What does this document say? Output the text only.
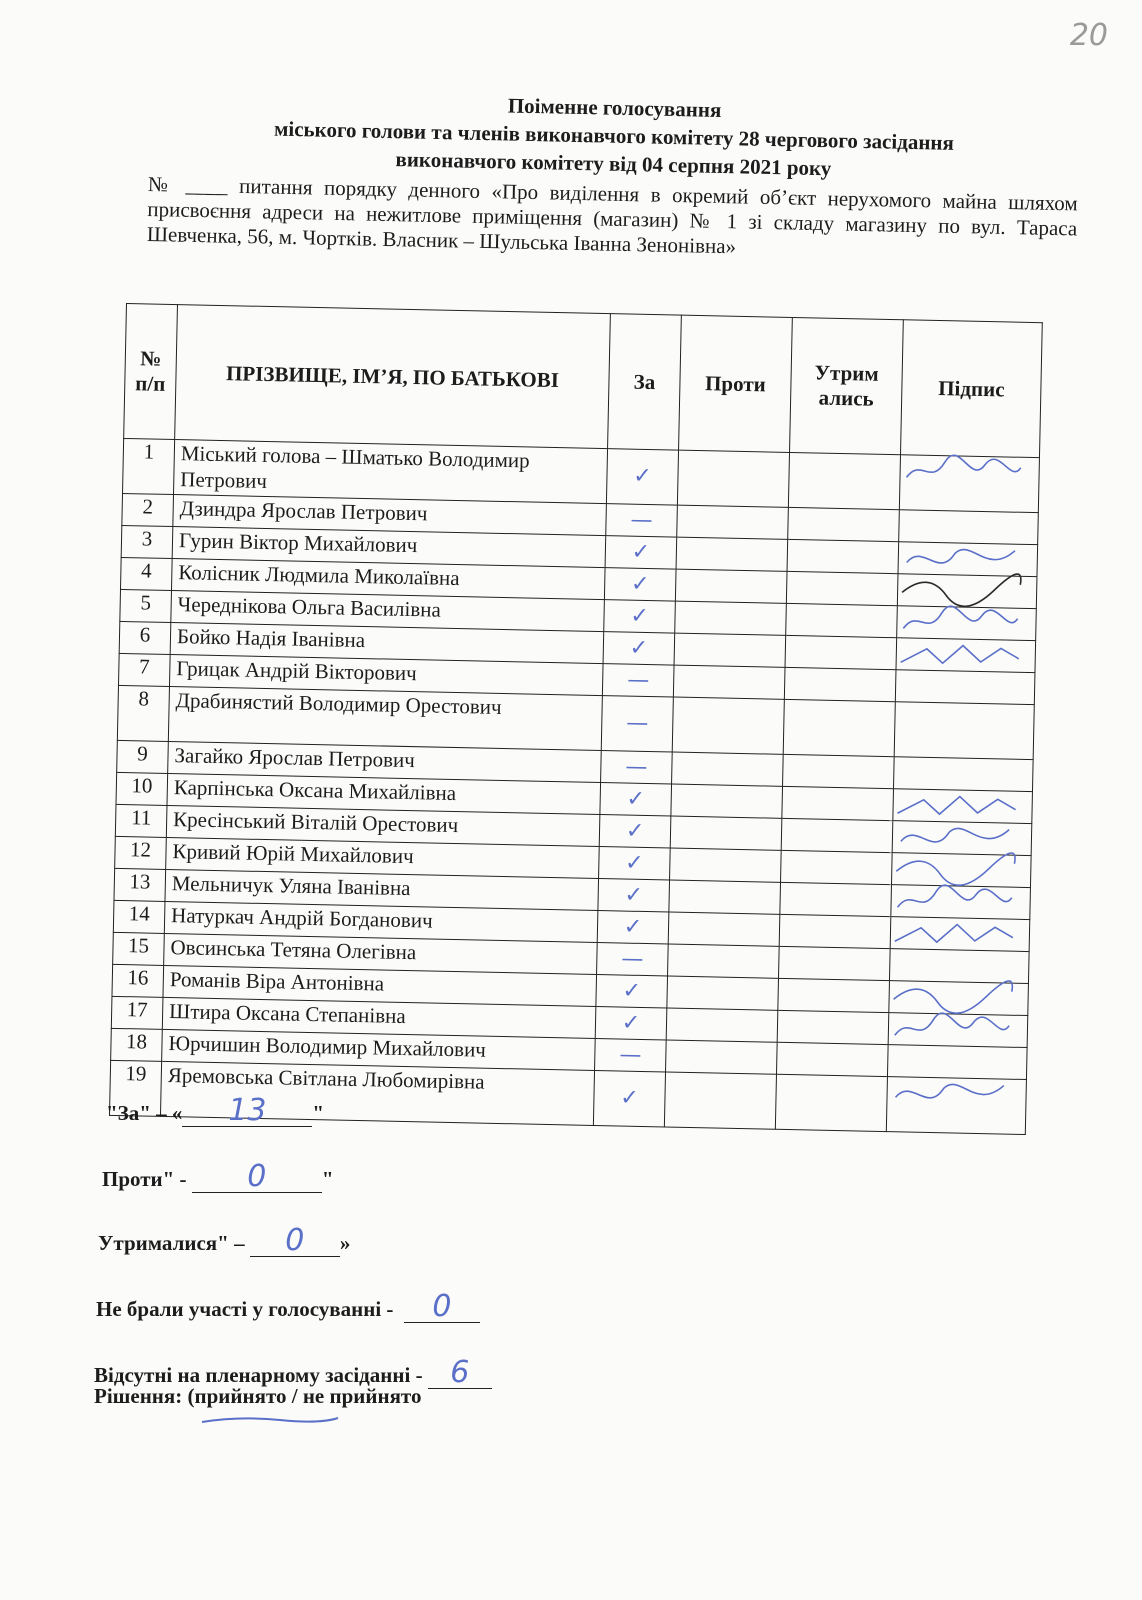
20
Поіменне голосування
міського голови та членів виконавчого комітету 28 чергового засідання
виконавчого комітету від 04 серпня 2021 року
№ ____ питання порядку денного «Про виділення в окремий об’єкт нерухомого майна шляхом присвоєння адреси на нежитлове приміщення (магазин) № 1 зі складу магазину по вул. Тараса Шевченка, 56, м. Чортків. Власник – Шульська Іванна Зенонівна»
№ п/п	ПРІЗВИЩЕ, ІМ’Я, ПО БАТЬКОВІ	За	Проти	Утрим ались	Підпис
1	Міський голова – Шматько Володимир Петрович	✓			

2	Дзиндра Ярослав Петрович	—			
3	Гурин Віктор Михайлович	✓			

4	Колісник Людмила Миколаївна	✓			

5	Череднікова Ольга Василівна	✓			

6	Бойко Надія Іванівна	✓			

7	Грицак Андрій Вікторович	—			
8	Драбинястий Володимир Орестович	—			
9	Загайко Ярослав Петрович	—			
10	Карпінська Оксана Михайлівна	✓			

11	Кресінський Віталій Орестович	✓			

12	Кривий Юрій Михайлович	✓			

13	Мельничук Уляна Іванівна	✓			

14	Натуркач Андрій Богданович	✓			

15	Овсинська Тетяна Олегівна	—			
16	Романів Віра Антонівна	✓			

17	Штира Оксана Степанівна	✓			

18	Юрчишин Володимир Михайлович	—			
19	Яремовська Світлана Любомирівна	✓			
"За" – « 13 "
Проти" - 0	"
Утрималися" – 0 »
Не брали участі у голосуванні - 0
Відсутні на пленарному засіданні - 6
Рішення: (прийнято / не прийнято
